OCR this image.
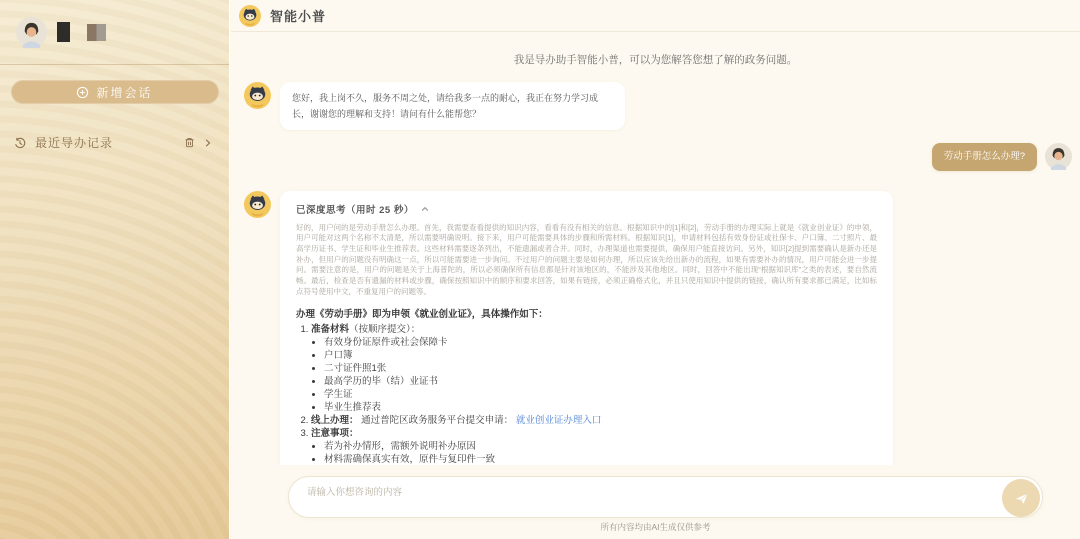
新增会话
最近导办记录
智能小普
我是导办助手智能小普，可以为您解答您想了解的政务问题。
您好，我上岗不久，服务不周之处，请给我多一点的耐心，我正在努力学习成长，谢谢您的理解和支持！请问有什么能帮您？
劳动手册怎么办理?
已深度思考（用时 25 秒）
好的，用户问的是劳动手册怎么办理。首先，我需要查看提供的知识内容，看看有没有相关的信息。根据知识中的[1]和[2]，劳动手册的办理实际上就是《就业创业证》的申领，用户可能对这两个名称不太清楚，所以需要明确说明。接下来，用户可能需要具体的步骤和所需材料。根据知识[1]，申请材料包括有效身份证或社保卡、户口簿、二寸照片、最高学历证书、学生证和毕业生推荐表。这些材料需要逐条列出，不能遗漏或者合并。同时，办理渠道也需要提供，确保用户能直接访问。另外，知识[2]提到需要确认是新办还是补办，但用户的问题没有明确这一点，所以可能需要进一步询问。不过用户的问题主要是如何办理，所以应该先给出新办的流程，如果有需要补办的情况，用户可能会进一步提问。需要注意的是，用户的问题是关于上海普陀的，所以必须确保所有信息都是针对该地区的，不能涉及其他地区。同时，回答中不能出现“根据知识库”之类的表述，要自然流畅。最后，检查是否有遗漏的材料或步骤，确保按照知识中的顺序和要求回答，如果有链接，必须正确格式化，并且只使用知识中提供的链接，确认所有要求都已满足，比如标点符号使用中文，不重复用户的问题等。
办理《劳动手册》即为申领《就业创业证》，具体操作如下：
1. 准备材料（按顺序提交）：
• 有效身份证原件或社会保障卡
• 户口簿
• 二寸证件照1张
• 最高学历的毕（结）业证书
• 学生证
• 毕业生推荐表
2. 线上办理： 通过普陀区政务服务平台提交申请： 就业创业证办理入口
3. 注意事项：
• 若为补办情形，需额外说明补办原因
• 材料需确保真实有效，原件与复印件一致
•
请输入你想咨询的内容
所有内容均由AI生成仅供参考
